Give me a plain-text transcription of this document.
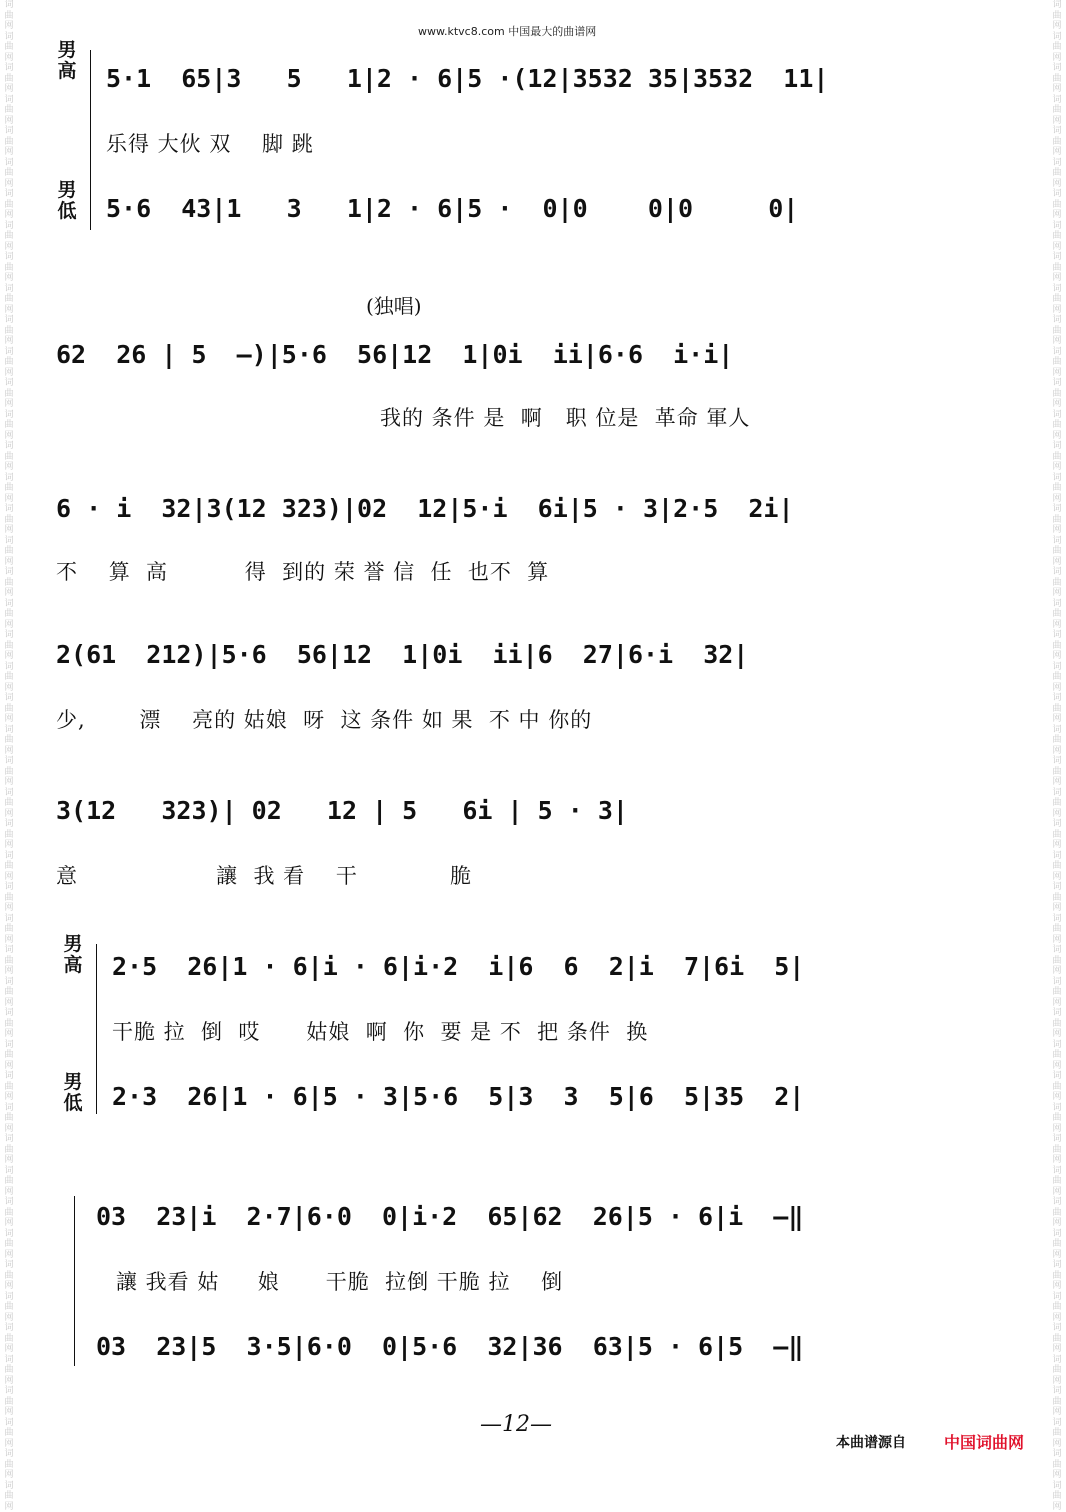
词曲网词曲网词曲网词曲网词曲网词曲网词曲网词曲网词曲网词曲网词曲网词曲网词曲网词曲网词曲网词曲网词曲网词曲网词曲网词曲网词曲网词曲网词曲网词曲网词曲网词曲网词曲网词曲网词曲网词曲网词曲网词曲网词曲网词曲网词曲网词曲网词曲网词曲网词曲网词曲网词曲网词曲网词曲网词曲网词曲网词曲网词曲网词曲网
词曲网词曲网词曲网词曲网词曲网词曲网词曲网词曲网词曲网词曲网词曲网词曲网词曲网词曲网词曲网词曲网词曲网词曲网词曲网词曲网词曲网词曲网词曲网词曲网词曲网词曲网词曲网词曲网词曲网词曲网词曲网词曲网词曲网词曲网词曲网词曲网词曲网词曲网词曲网词曲网词曲网词曲网词曲网词曲网词曲网词曲网词曲网词曲网
www.ktvc8.com 中国最大的曲谱网
男高
男低
5·1  65|3   5   1|2 · 6|5 ·(12|3532 35|3532  11|
乐得 大伙 双    脚 跳
5·6  43|1   3   1|2 · 6|5 ·  0|0    0|0     0|
(独唱)
62  26 | 5  —)|5·6  56|12  1|0i  ii|6·6  i·i|
我的 条件 是  啊   职 位是  革命 軍人
6 · i  32|3(12 323)|02  12|5·i  6i|5 · 3|2·5  2i|
不    算  高          得  到的 荣 誉 信  任  也不  算
2(61  212)|5·6  56|12  1|0i  ii|6  27|6·i  32|
少,       漂    亮的 姑娘  呀  这 条件 如 果  不 中 你的
3(12   323)| 02   12 | 5   6i | 5 · 3|
意                  讓  我 看    干            脆
男高
男低
2·5  26|1 · 6|i · 6|i·2  i|6  6  2|i  7|6i  5|
干脆 拉  倒  哎      姑娘  啊  你  要 是 不  把 条件  换
2·3  26|1 · 6|5 · 3|5·6  5|3  3  5|6  5|35  2|
03  23|i  2·7|6·0  0|i·2  65|62  26|5 · 6|i  —‖
讓 我看 姑     娘      干脆  拉倒 干脆 拉    倒
03  23|5  3·5|6·0  0|5·6  32|36  63|5 · 6|5  —‖
—12—
本曲谱源自 中国词曲网
